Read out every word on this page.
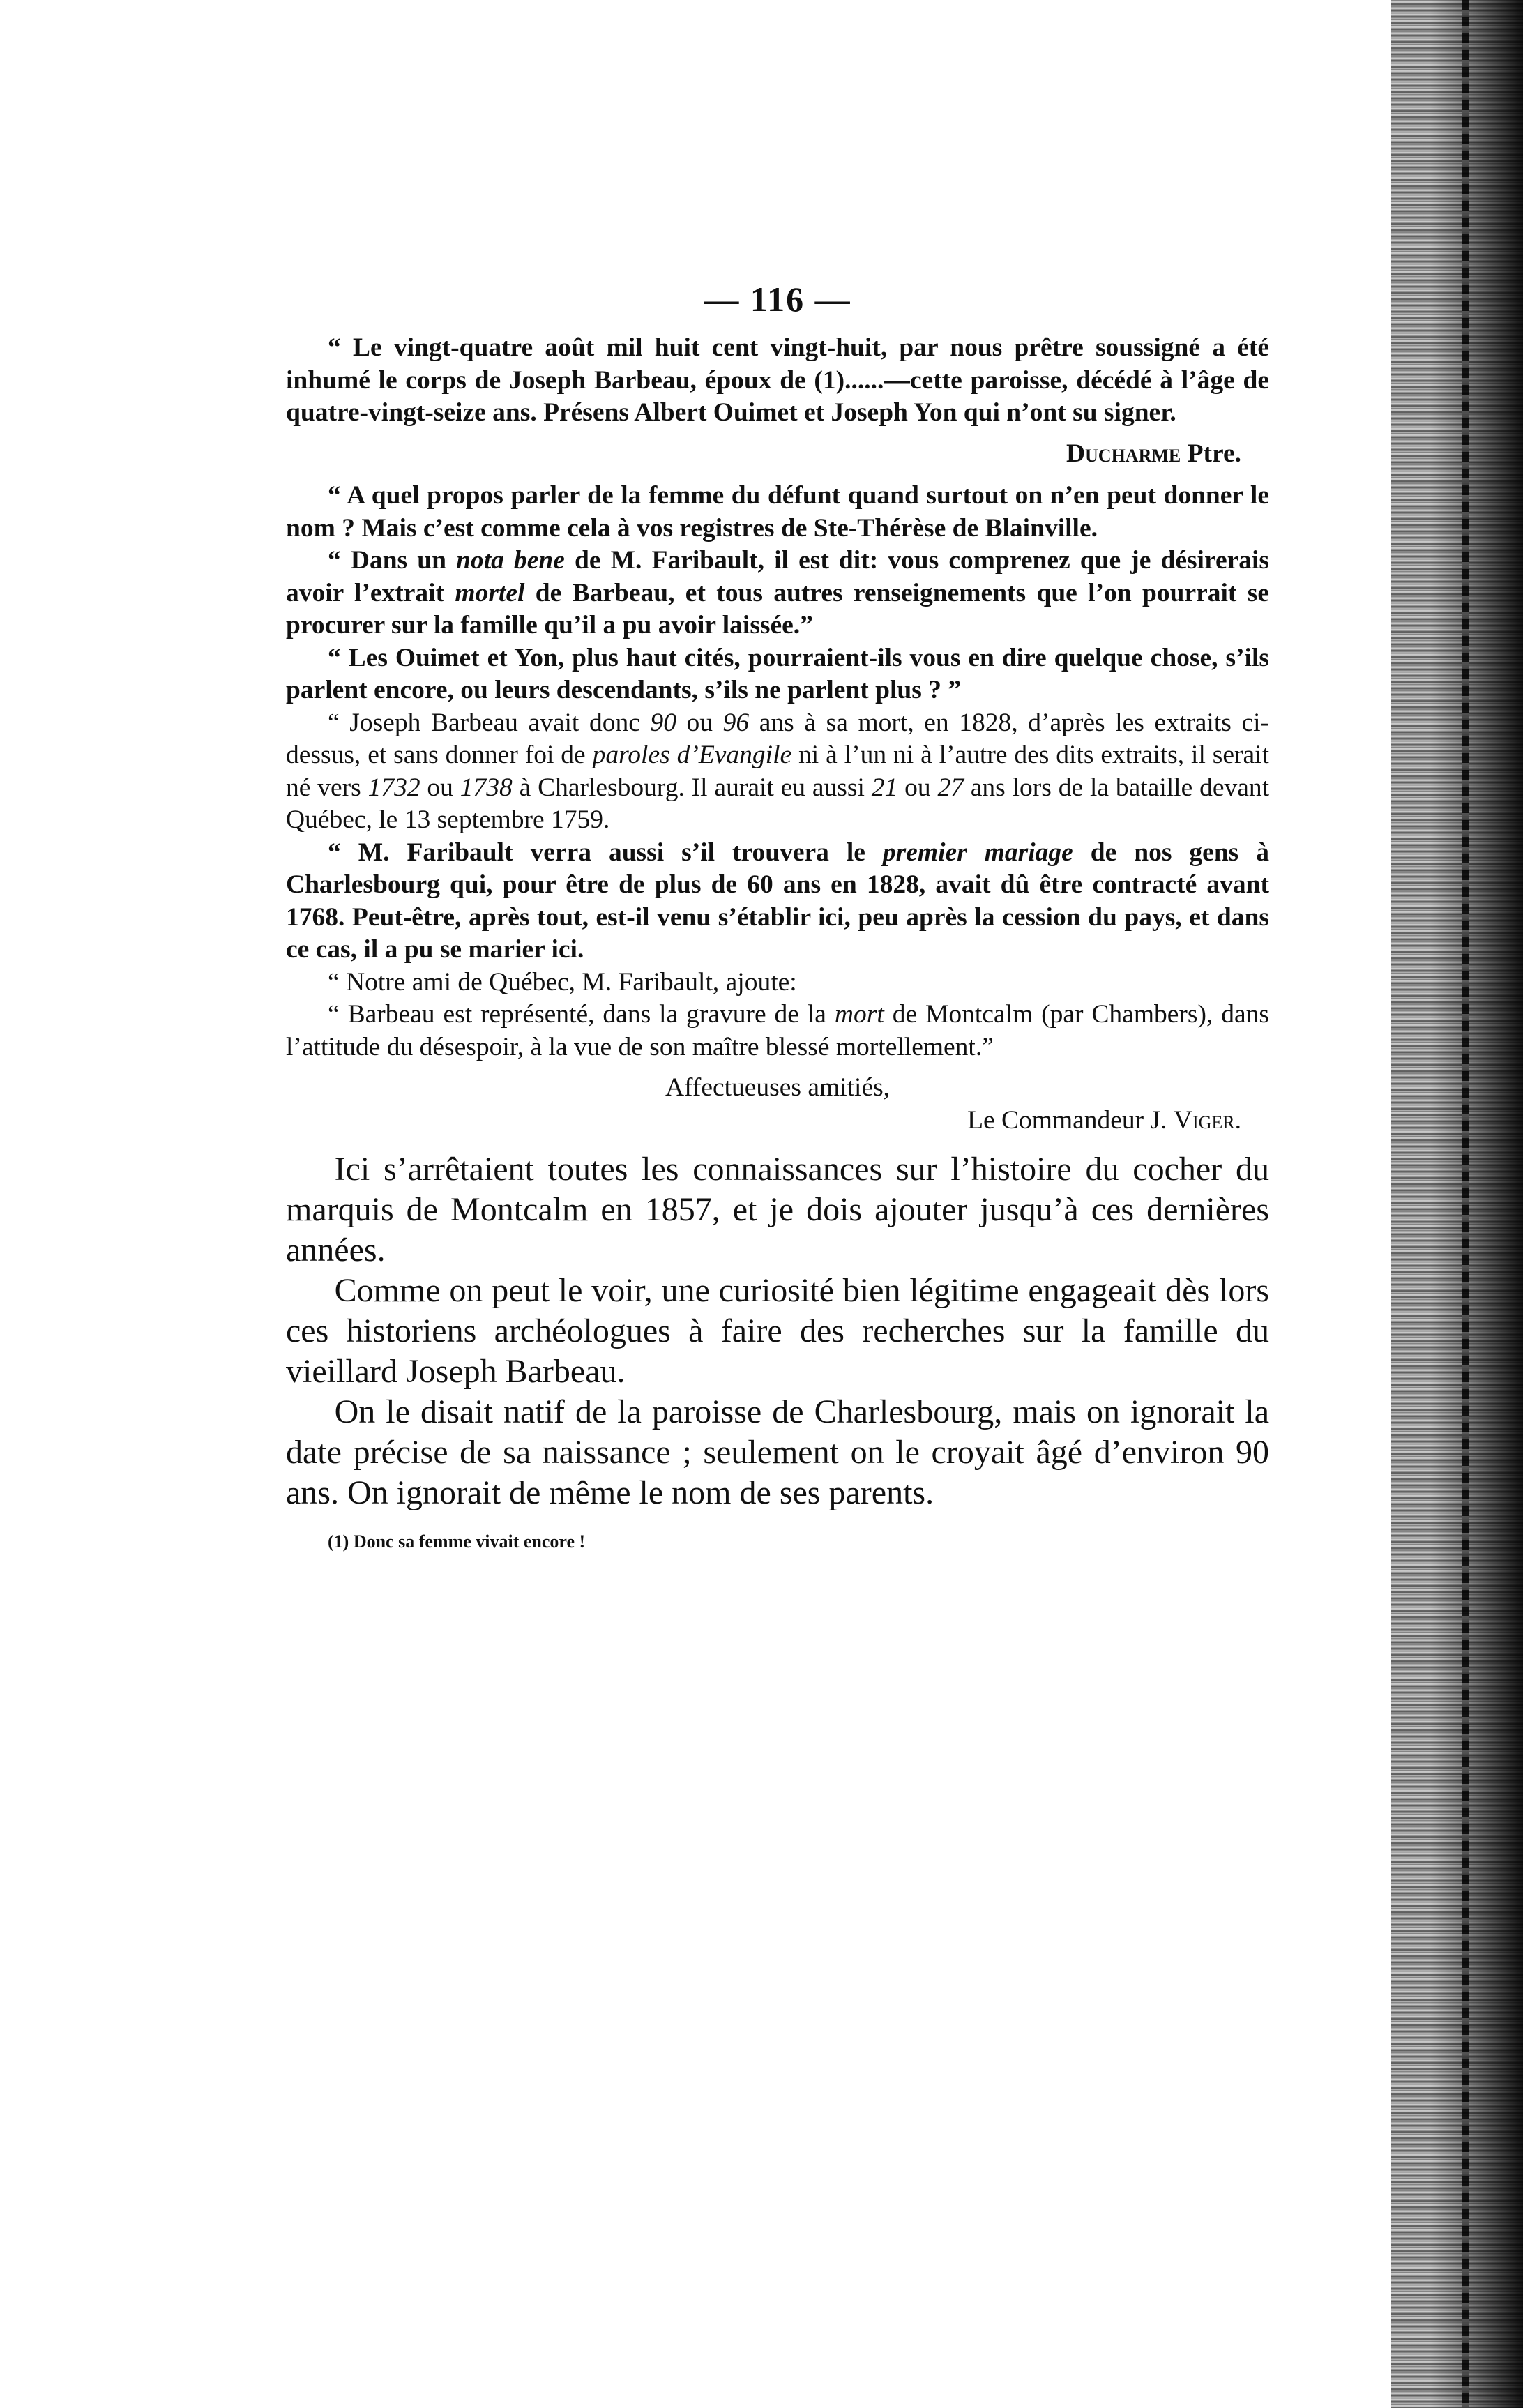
— 116 —

“ Le vingt-quatre août mil huit cent vingt-huit, par nous prêtre soussigné a été inhumé le corps de Joseph Barbeau, époux de (1)......—cette paroisse, décédé à l’âge de quatre-vingt-seize ans. Présens Albert Ouimet et Joseph Yon qui n’ont su signer.

Ducharme Ptre.

“ A quel propos parler de la femme du défunt quand surtout on n’en peut donner le nom ? Mais c’est comme cela à vos registres de Ste-Thérèse de Blainville.

“ Dans un nota bene de M. Faribault, il est dit: vous comprenez que je désirerais avoir l’extrait mortel de Barbeau, et tous autres renseignements que l’on pourrait se procurer sur la famille qu’il a pu avoir laissée.”

“ Les Ouimet et Yon, plus haut cités, pourraient-ils vous en dire quelque chose, s’ils parlent encore, ou leurs descendants, s’ils ne parlent plus ? ”

“ Joseph Barbeau avait donc 90 ou 96 ans à sa mort, en 1828, d’après les extraits ci-dessus, et sans donner foi de paroles d’Evangile ni à l’un ni à l’autre des dits extraits, il serait né vers 1732 ou 1738 à Charlesbourg. Il aurait eu aussi 21 ou 27 ans lors de la bataille devant Québec, le 13 septembre 1759.

“ M. Faribault verra aussi s’il trouvera le premier mariage de nos gens à Charlesbourg qui, pour être de plus de 60 ans en 1828, avait dû être contracté avant 1768. Peut-être, après tout, est-il venu s’établir ici, peu après la cession du pays, et dans ce cas, il a pu se marier ici.

“ Notre ami de Québec, M. Faribault, ajoute:

“ Barbeau est représenté, dans la gravure de la mort de Montcalm (par Chambers), dans l’attitude du désespoir, à la vue de son maître blessé mortellement.”

Affectueuses amitiés,

Le Commandeur J. Viger.

Ici s’arrêtaient toutes les connaissances sur l’histoire du cocher du marquis de Montcalm en 1857, et je dois ajouter jusqu’à ces dernières années.

Comme on peut le voir, une curiosité bien légitime engageait dès lors ces historiens archéologues à faire des recherches sur la famille du vieillard Joseph Barbeau.

On le disait natif de la paroisse de Charlesbourg, mais on ignorait la date précise de sa naissance ; seulement on le croyait âgé d’environ 90 ans. On ignorait de même le nom de ses parents.

(1) Donc sa femme vivait encore !
